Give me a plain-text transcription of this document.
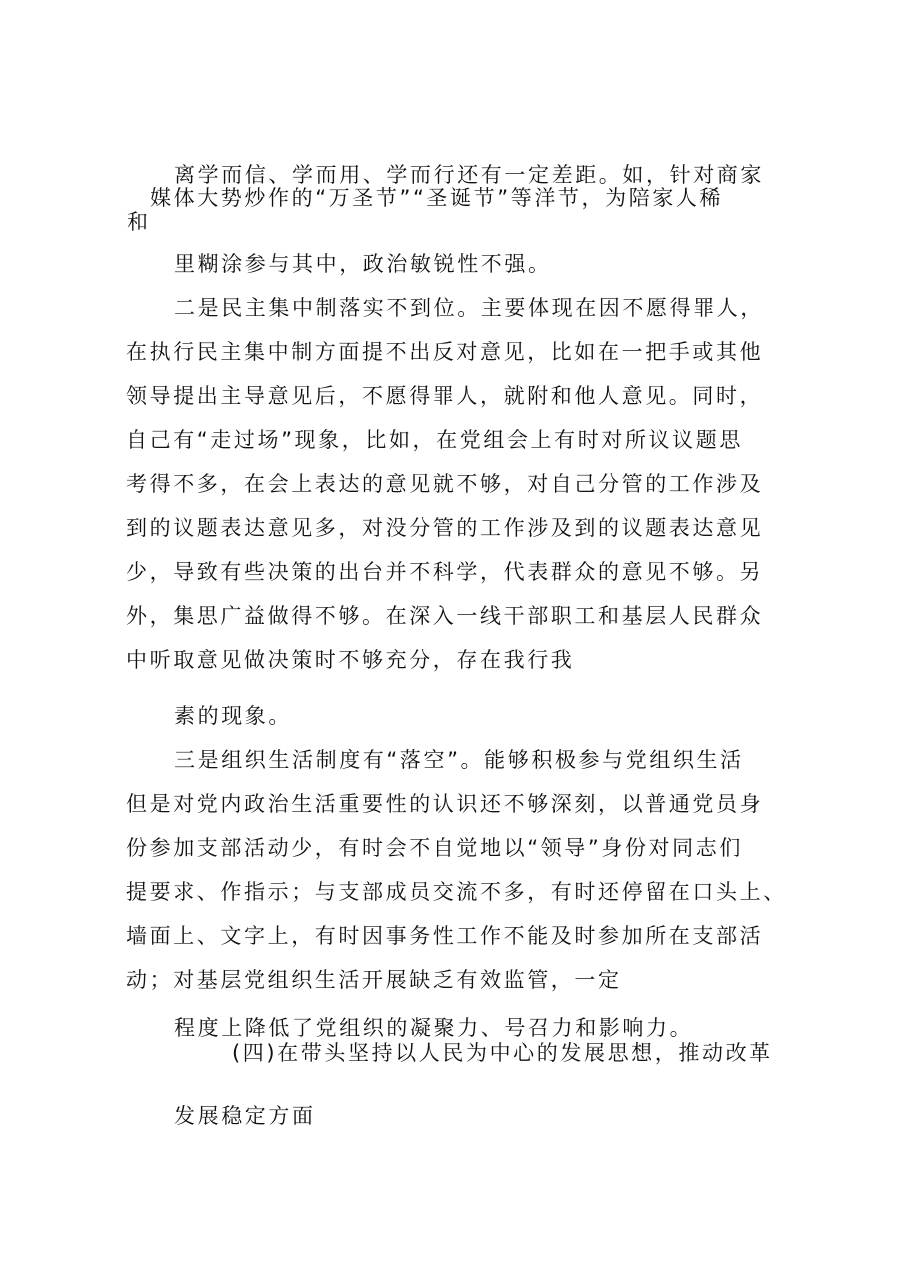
离学而信、学而用、学而行还有一定差距。如，针对商家
媒体大势炒作的“万圣节”“圣诞节”等洋节，为陪家人稀
和
里糊涂参与其中，政治敏锐性不强。
二是民主集中制落实不到位。主要体现在因不愿得罪人，
在执行民主集中制方面提不出反对意见，比如在一把手或其他
领导提出主导意见后，不愿得罪人，就附和他人意见。同时，
自己有“走过场”现象，比如，在党组会上有时对所议议题思
考得不多，在会上表达的意见就不够，对自己分管的工作涉及
到的议题表达意见多，对没分管的工作涉及到的议题表达意见
少，导致有些决策的出台并不科学，代表群众的意见不够。另
外，集思广益做得不够。在深入一线干部职工和基层人民群众
中听取意见做决策时不够充分，存在我行我
素的现象。
三是组织生活制度有“落空”。能够积极参与党组织生活
但是对党内政治生活重要性的认识还不够深刻，以普通党员身
份参加支部活动少，有时会不自觉地以“领导”身份对同志们
提要求、作指示；与支部成员交流不多，有时还停留在口头上、
墙面上、文字上，有时因事务性工作不能及时参加所在支部活
动；对基层党组织生活开展缺乏有效监管，一定
程度上降低了党组织的凝聚力、号召力和影响力。
(四)在带头坚持以人民为中心的发展思想，推动改革
发展稳定方面
